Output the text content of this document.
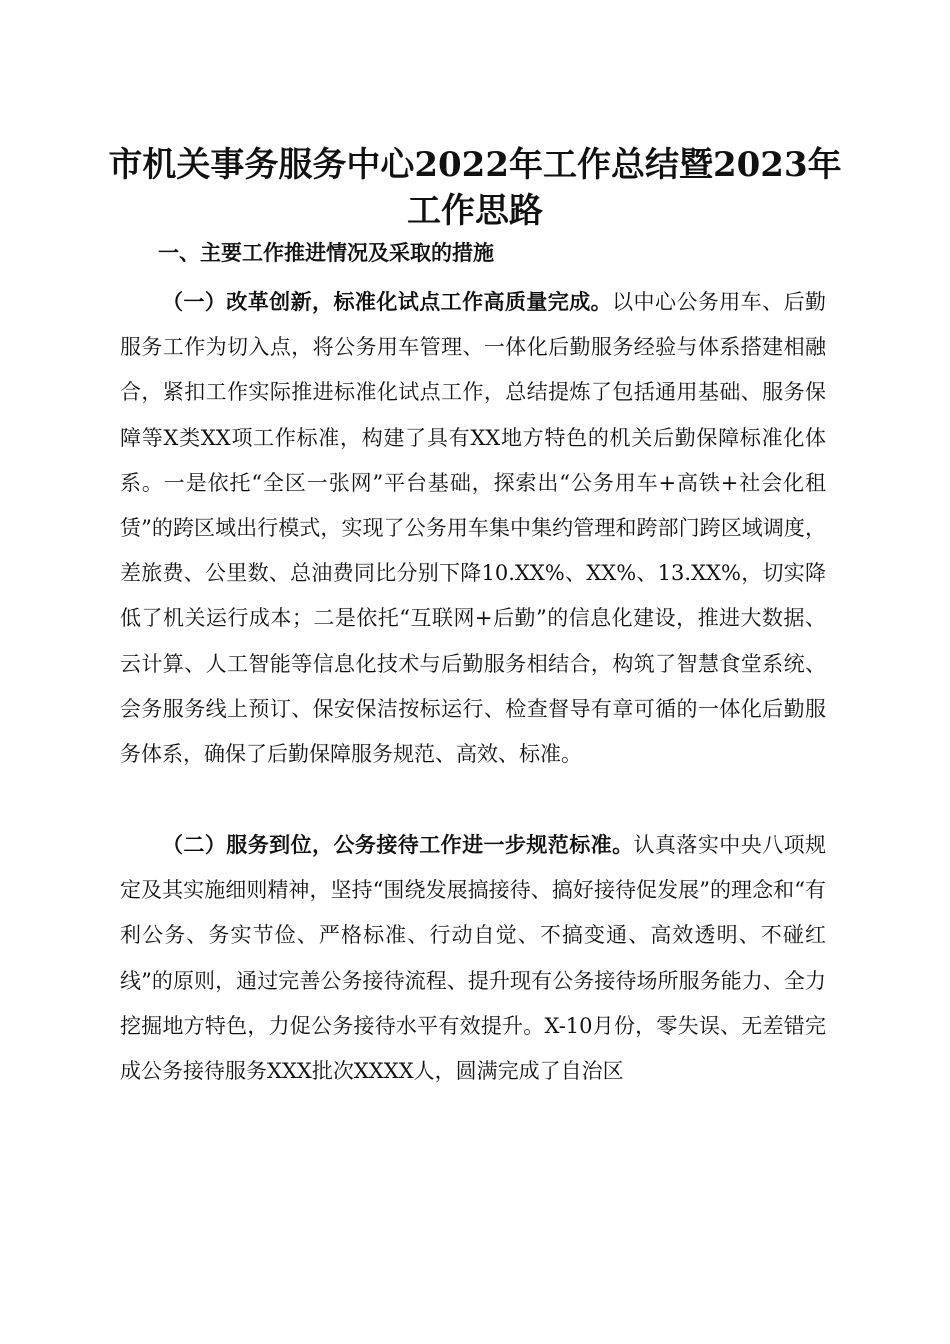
市机关事务服务中心2022年工作总结暨2023年工作思路
一、主要工作推进情况及采取的措施

（一）改革创新，标准化试点工作高质量完成。以中心公务用车、后勤服务工作为切入点，将公务用车管理、一体化后勤服务经验与体系搭建相融合，紧扣工作实际推进标准化试点工作，总结提炼了包括通用基础、服务保障等X类XX项工作标准，构建了具有XX地方特色的机关后勤保障标准化体系。一是依托“全区一张网”平台基础，探索出“公务用车+高铁+社会化租赁”的跨区域出行模式，实现了公务用车集中集约管理和跨部门跨区域调度，差旅费、公里数、总油费同比分别下降10.XX%、XX%、13.XX%，切实降低了机关运行成本；二是依托“互联网+后勤”的信息化建设，推进大数据、云计算、人工智能等信息化技术与后勤服务相结合，构筑了智慧食堂系统、会务服务线上预订、保安保洁按标运行、检查督导有章可循的一体化后勤服务体系，确保了后勤保障服务规范、高效、标准。

（二）服务到位，公务接待工作进一步规范标准。认真落实中央八项规定及其实施细则精神，坚持“围绕发展搞接待、搞好接待促发展”的理念和“有利公务、务实节俭、严格标准、行动自觉、不搞变通、高效透明、不碰红线”的原则，通过完善公务接待流程、提升现有公务接待场所服务能力、全力挖掘地方特色，力促公务接待水平有效提升。X-10月份，零失误、无差错完成公务接待服务XXX批次XXXX人，圆满完成了自治区
